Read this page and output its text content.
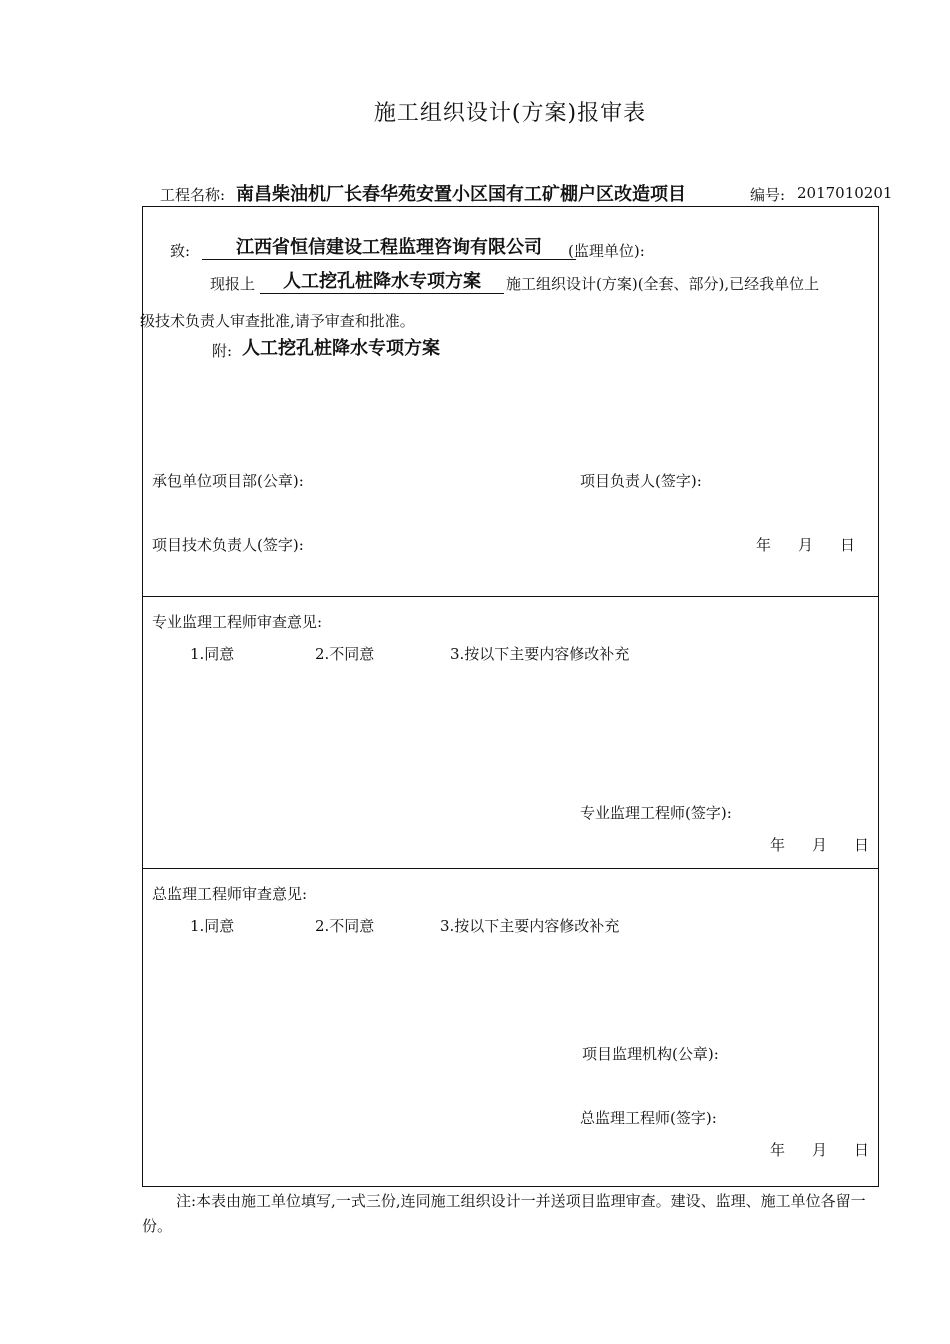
施工组织设计(方案)报审表
工程名称: 南昌柴油机厂长春华苑安置小区国有工矿棚户区改造项目	编号: 2017010201
致:	江西省恒信建设工程监理咨询有限公司	(监理单位):
现报上	人工挖孔桩降水专项方案	施工组织设计(方案)(全套、部分),已经我单位上
级技术负责人审查批准,请予审查和批准。
附: 人工挖孔桩降水专项方案
承包单位项目部(公章):	项目负责人(签字):
项目技术负责人(签字):	年 月 日
专业监理工程师审查意见:
1.同意	2.不同意	3.按以下主要内容修改补充
专业监理工程师(签字):
年 月 日
总监理工程师审查意见:
1.同意	2.不同意	3.按以下主要内容修改补充
项目监理机构(公章):
总监理工程师(签字):
年 月 日
注:本表由施工单位填写,一式三份,连同施工组织设计一并送项目监理审查。建设、监理、施工单位各留一份。
